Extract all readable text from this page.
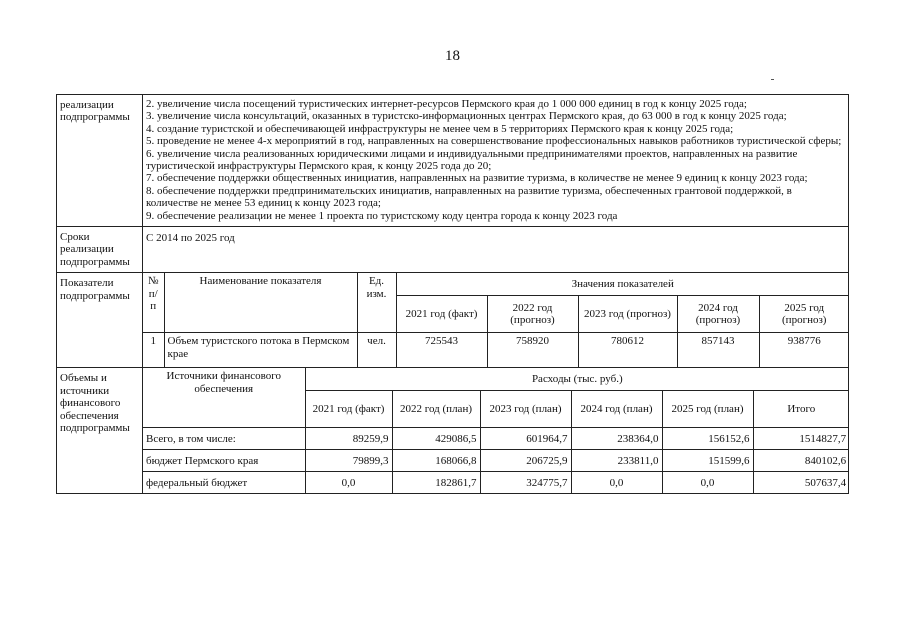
18
реализации подпрограммы	

2. увеличение числа посещений туристических интернет-ресурсов Пермского края до 1 000 000 единиц в год к концу 2025 года;

3. увеличение числа консультаций, оказанных в туристско-информационных центрах Пермского края, до 63 000 в год к концу 2025 года;

4. создание туристской и обеспечивающей инфраструктуры не менее чем в 5 территориях Пермского края к концу 2025 года;

5. проведение не менее 4-х мероприятий в год, направленных на совершенствование профессиональных навыков работников туристической сферы;

6. увеличение числа реализованных юридическими лицами и индивидуальными предпринимателями проектов, направленных на развитие туристической инфраструктуры Пермского края, к концу 2025 года до 20;

7. обеспечение поддержки общественных инициатив, направленных на развитие туризма, в количестве не менее 9 единиц к концу 2023 года;

8. обеспечение поддержки предпринимательских инициатив, направленных на развитие туризма, обеспеченных грантовой поддержкой, в количестве не менее 53 единиц к концу 2023 года;

9. обеспечение реализации не менее 1 проекта по туристскому коду центра города к концу 2023 года

Сроки реализации подпрограммы	С 2014 по 2025 год
Показатели подпрограммы	
№ п/п	Наименование показателя	Ед. изм.	Значения показателей
2021 год (факт)	2022 год (прогноз)	2023 год (прогноз)	2024 год (прогноз)	2025 год (прогноз)
1	Объем туристского потока в Пермском крае	чел.	725543	758920	780612	857143	938776

Объемы и источники финансового обеспечения подпрограммы	
Источники финансового обеспечения	Расходы (тыс. руб.)
2021 год (факт)	2022 год (план)	2023 год (план)	2024 год (план)	2025 год (план)	Итого
Всего, в том числе:	89259,9	429086,5	601964,7	238364,0	156152,6	1514827,7
бюджет Пермского края	79899,3	168066,8	206725,9	233811,0	151599,6	840102,6
федеральный бюджет	0,0	182861,7	324775,7	0,0	0,0	507637,4
